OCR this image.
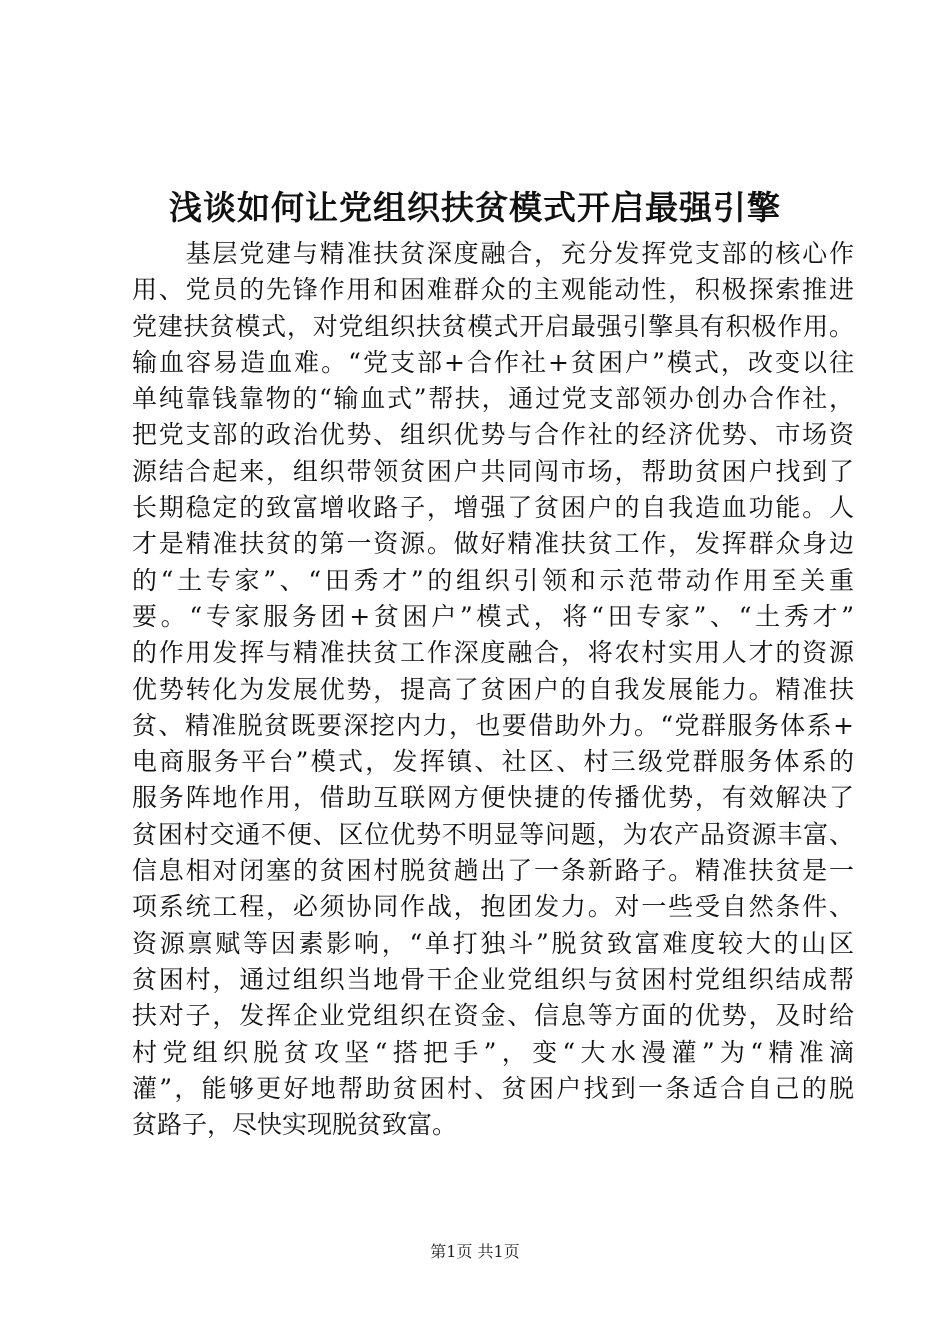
浅谈如何让党组织扶贫模式开启最强引擎
　　基层党建与精准扶贫深度融合，充分发挥党支部的核心作
用、党员的先锋作用和困难群众的主观能动性，积极探索推进
党建扶贫模式，对党组织扶贫模式开启最强引擎具有积极作用。
输血容易造血难。“党支部+合作社+贫困户”模式，改变以往
单纯靠钱靠物的“输血式”帮扶，通过党支部领办创办合作社，
把党支部的政治优势、组织优势与合作社的经济优势、市场资
源结合起来，组织带领贫困户共同闯市场，帮助贫困户找到了
长期稳定的致富增收路子，增强了贫困户的自我造血功能。人
才是精准扶贫的第一资源。做好精准扶贫工作，发挥群众身边
的“土专家”、“田秀才”的组织引领和示范带动作用至关重
要。“专家服务团+贫困户”模式，将“田专家”、“土秀才”
的作用发挥与精准扶贫工作深度融合，将农村实用人才的资源
优势转化为发展优势，提高了贫困户的自我发展能力。精准扶
贫、精准脱贫既要深挖内力，也要借助外力。“党群服务体系+
电商服务平台”模式，发挥镇、社区、村三级党群服务体系的
服务阵地作用，借助互联网方便快捷的传播优势，有效解决了
贫困村交通不便、区位优势不明显等问题，为农产品资源丰富、
信息相对闭塞的贫困村脱贫趟出了一条新路子。精准扶贫是一
项系统工程，必须协同作战，抱团发力。对一些受自然条件、
资源禀赋等因素影响，“单打独斗”脱贫致富难度较大的山区
贫困村，通过组织当地骨干企业党组织与贫困村党组织结成帮
扶对子，发挥企业党组织在资金、信息等方面的优势，及时给
村党组织脱贫攻坚“搭把手”，变“大水漫灌”为“精准滴
灌”，能够更好地帮助贫困村、贫困户找到一条适合自己的脱
贫路子，尽快实现脱贫致富。
第1页 共1页
